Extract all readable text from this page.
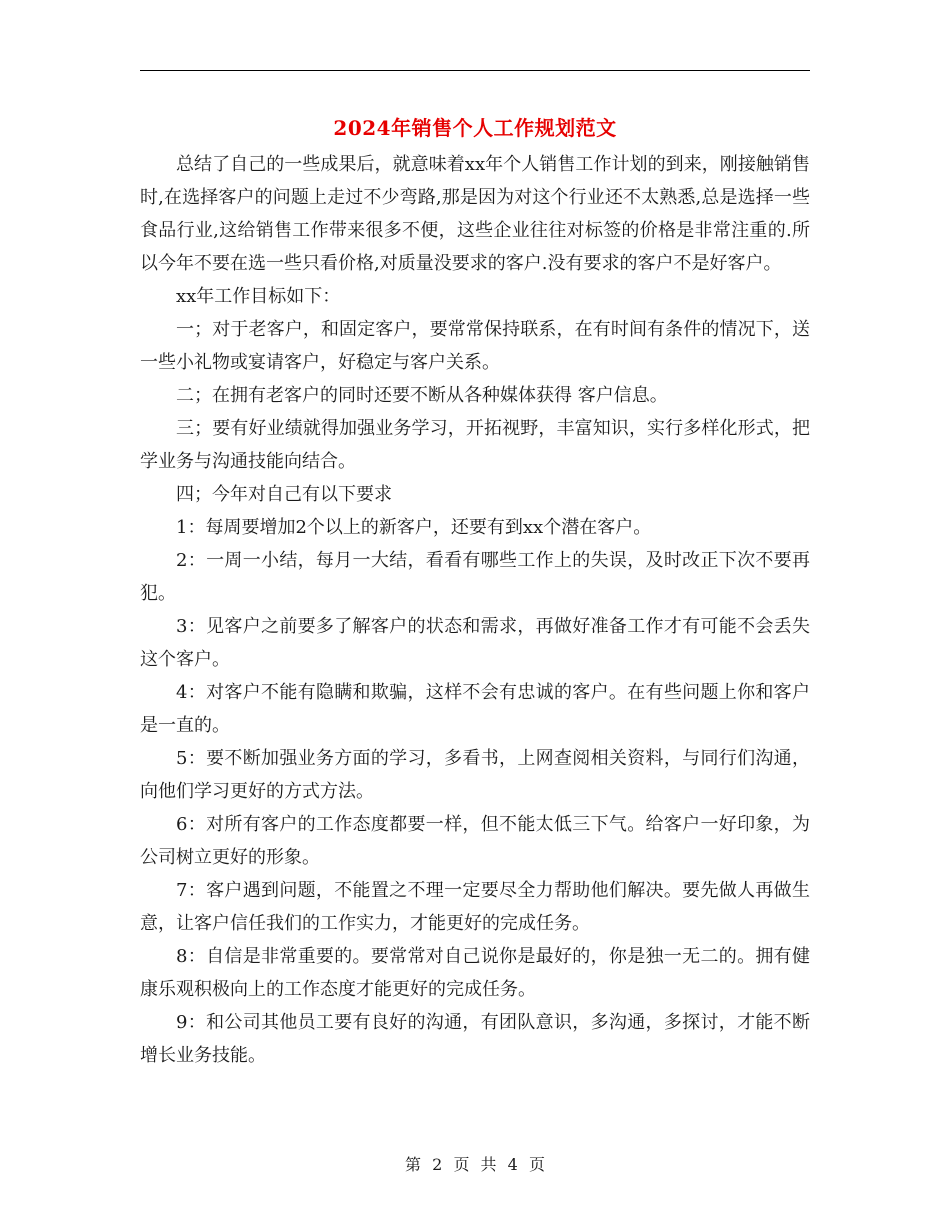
2024年销售个人工作规划范文

总结了自己的一些成果后，就意味着xx年个人销售工作计划的到来，刚接触销售时,在选择客户的问题上走过不少弯路,那是因为对这个行业还不太熟悉,总是选择一些食品行业,这给销售工作带来很多不便，这些企业往往对标签的价格是非常注重的.所以今年不要在选一些只看价格,对质量没要求的客户.没有要求的客户不是好客户。

xx年工作目标如下：

一；对于老客户，和固定客户，要常常保持联系，在有时间有条件的情况下，送一些小礼物或宴请客户，好稳定与客户关系。

二；在拥有老客户的同时还要不断从各种媒体获得 客户信息。

三；要有好业绩就得加强业务学习，开拓视野，丰富知识，实行多样化形式，把学业务与沟通技能向结合。

四；今年对自己有以下要求

1：每周要增加2个以上的新客户，还要有到xx个潜在客户。

2：一周一小结，每月一大结，看看有哪些工作上的失误，及时改正下次不要再犯。

3：见客户之前要多了解客户的状态和需求，再做好准备工作才有可能不会丢失这个客户。

4：对客户不能有隐瞒和欺骗，这样不会有忠诚的客户。在有些问题上你和客户是一直的。

5：要不断加强业务方面的学习，多看书，上网查阅相关资料，与同行们沟通，向他们学习更好的方式方法。

6：对所有客户的工作态度都要一样，但不能太低三下气。给客户一好印象，为公司树立更好的形象。

7：客户遇到问题，不能置之不理一定要尽全力帮助他们解决。要先做人再做生意，让客户信任我们的工作实力，才能更好的完成任务。

8：自信是非常重要的。要常常对自己说你是最好的，你是独一无二的。拥有健康乐观积极向上的工作态度才能更好的完成任务。

9：和公司其他员工要有良好的沟通，有团队意识，多沟通，多探讨，才能不断增长业务技能。

第 2 页 共 4 页
